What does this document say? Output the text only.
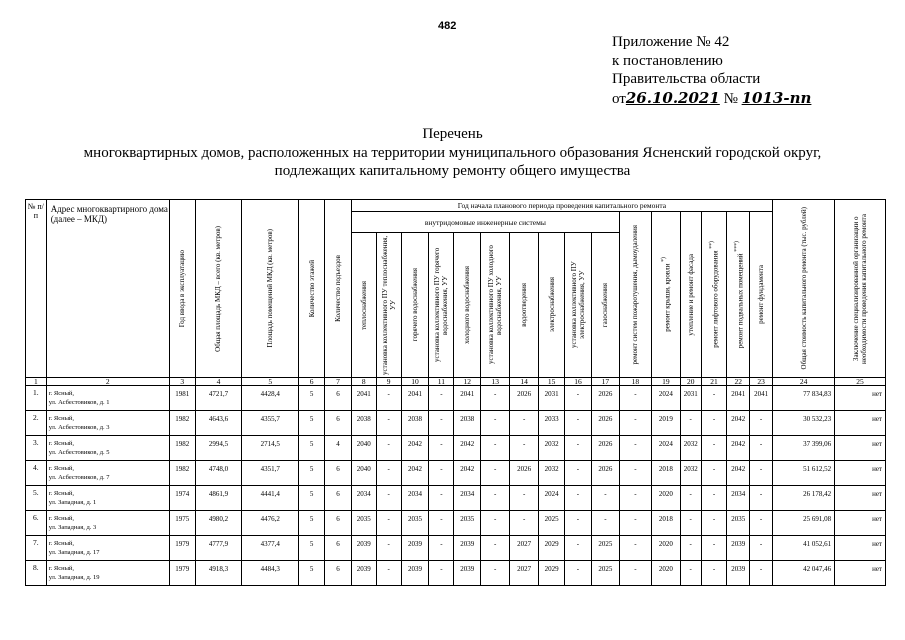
482
Приложение № 42
к постановлению
Правительства области
от26.10.2021 № 1013-пп
Перечень
многоквартирных домов, расположенных на территории муниципального образования Ясненский городской округ,
подлежащих капитальному ремонту общего имущества
№ п/п	Адрес многоквартирного дома (далее – МКД)	Год ввода в эксплуатацию	Общая площадь МКД – всего (кв. метров)	Площадь помещений МКД (кв. метров)	Количество этажей	Количество подъездов	Год начала планового периода проведения капитального ремонта																Общая стоимость капитального ремонта (тыс. рублей)	Заключение специализированной организации о необходимости проведения капитального ремонта

							внутридомовые инженерные системы										ремонт систем пожаротушения, дымоудаления	ремонт крыши, кровли *)	утепление и ремонт фасада	ремонт лифтового оборудования **)	ремонт подвальных помещений ***)	ремонт фундамента		

							теплоснабжения	установка коллективного ПУ теплоснабжения, УУ	горячего водоснабжения	установка коллективного ПУ горячего водоснабжения, УУ	холодного водоснабжения	установка коллективного ПУ холодного водоснабжения, УУ	водоотведения	электроснабжения	установка коллективного ПУ электроснабжения, УУ	газоснабжения								

1	2	3	4	5	6	7	8	9	10	11	12	13	14	15	16	17	18	19	20	21	22	23	24	25
1.	г. Ясный,
ул. Асбестовиков, д. 1	1981	4721,7	4428,4	5	6	2041	-	2041	-	2041	-	2026	2031	-	2026	-	2024	2031	-	2041	2041	77 834,83	нет
2.	г. Ясный,
ул. Асбестовиков, д. 3	1982	4643,6	4355,7	5	6	2038	-	2038	-	2038	-	-	2033	-	2026	-	2019	-	-	2042	-	30 532,23	нет
3.	г. Ясный,
ул. Асбестовиков, д. 5	1982	2994,5	2714,5	5	4	2040	-	2042	-	2042	-	-	2032	-	2026	-	2024	2032	-	2042	-	37 399,06	нет
4.	г. Ясный,
ул. Асбестовиков, д. 7	1982	4748,0	4351,7	5	6	2040	-	2042	-	2042	-	2026	2032	-	2026	-	2018	2032	-	2042	-	51 612,52	нет
5.	г. Ясный,
ул. Западная, д. 1	1974	4861,9	4441,4	5	6	2034	-	2034	-	2034	-	-	2024	-	-	-	2020	-	-	2034	-	26 178,42	нет
6.	г. Ясный,
ул. Западная, д. 3	1975	4980,2	4476,2	5	6	2035	-	2035	-	2035	-	-	2025	-	-	-	2018	-	-	2035	-	25 691,08	нет
7.	г. Ясный,
ул. Западная, д. 17	1979	4777,9	4377,4	5	6	2039	-	2039	-	2039	-	2027	2029	-	2025	-	2020	-	-	2039	-	41 052,61	нет
8.	г. Ясный,
ул. Западная, д. 19	1979	4918,3	4484,3	5	6	2039	-	2039	-	2039	-	2027	2029	-	2025	-	2020	-	-	2039	-	42 047,46	нет
